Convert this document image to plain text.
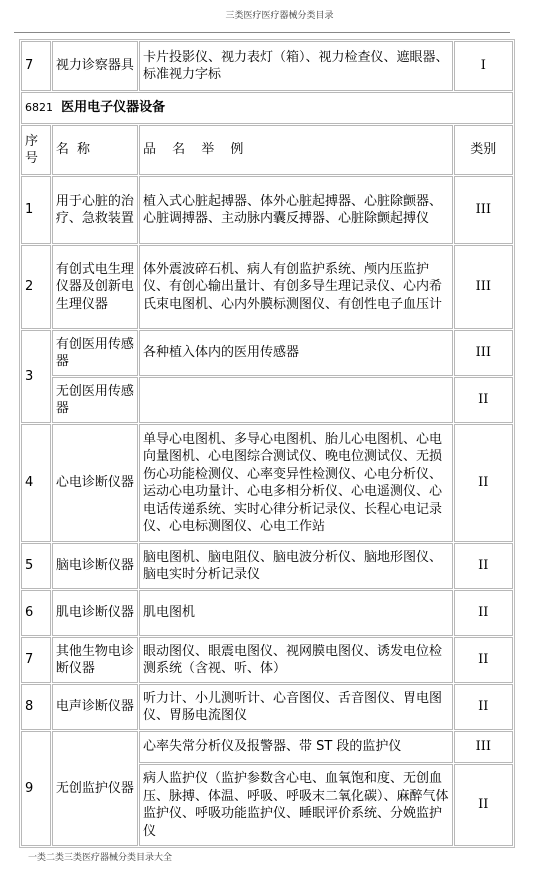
三类医疗医疗器械分类目录
7	视力诊察器具	卡片投影仪、视力表灯（箱）、视力检查仪、遮眼器、标准视力字标	I
6821 医用电子仪器设备			
序号	名 称	品 名 举 例	类别
1	用于心脏的治疗、急救装置	植入式心脏起搏器、体外心脏起搏器、心脏除颤器、心脏调搏器、主动脉内囊反搏器、心脏除颤起搏仪	III
2	有创式电生理仪器及创新电生理仪器	体外震波碎石机、病人有创监护系统、颅内压监护仪、有创心输出量计、有创多导生理记录仪、心内希氏束电图机、心内外膜标测图仪、有创性电子血压计	III
3	有创医用传感器	各种植入体内的医用传感器	III
	无创医用传感器		II
4	心电诊断仪器	单导心电图机、多导心电图机、胎儿心电图机、心电向量图机、心电图综合测试仪、晚电位测试仪、无损伤心功能检测仪、心率变异性检测仪、心电分析仪、运动心电功量计、心电多相分析仪、心电遥测仪、心电话传递系统、实时心律分析记录仪、长程心电记录仪、心电标测图仪、心电工作站	II
5	脑电诊断仪器	脑电图机、脑电阻仪、脑电波分析仪、脑地形图仪、脑电实时分析记录仪	II
6	肌电诊断仪器	肌电图机	II
7	其他生物电诊断仪器	眼动图仪、眼震电图仪、视网膜电图仪、诱发电位检测系统（含视、听、体）	II
8	电声诊断仪器	听力计、小儿测听计、心音图仪、舌音图仪、胃电图仪、胃肠电流图仪	II
9	无创监护仪器	心率失常分析仪及报警器、带 ST 段的监护仪	III
		病人监护仪（监护参数含心电、血氧饱和度、无创血压、脉搏、体温、呼吸、呼吸末二氧化碳）、麻醉气体监护仪、呼吸功能监护仪、睡眠评价系统、分娩监护仪	II
一类二类三类医疗器械分类目录大全
